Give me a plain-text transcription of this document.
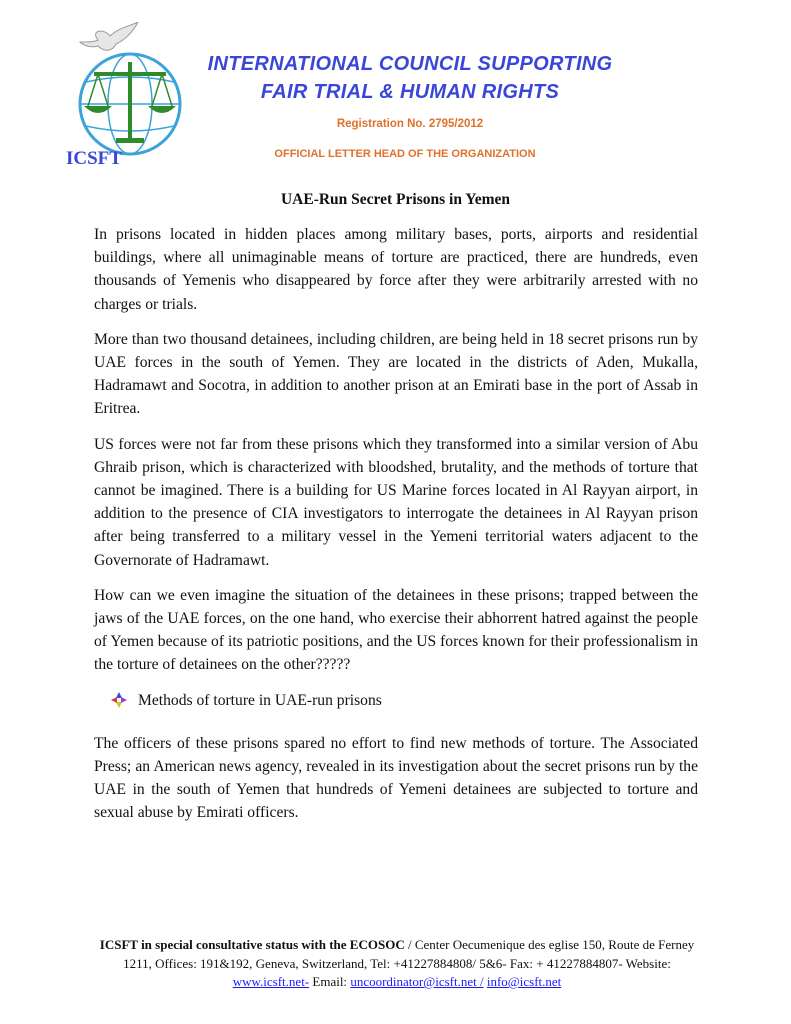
ICSFT
INTERNATIONAL COUNCIL SUPPORTING
FAIR TRIAL & HUMAN RIGHTS
Registration No. 2795/2012
OFFICIAL LETTER HEAD OF THE ORGANIZATION
UAE-Run Secret Prisons in Yemen

In prisons located in hidden places among military bases, ports, airports and residential buildings, where all unimaginable means of torture are practiced, there are hundreds, even thousands of Yemenis who disappeared by force after they were arbitrarily arrested with no charges or trials.

More than two thousand detainees, including children, are being held in 18 secret prisons run by UAE forces in the south of Yemen. They are located in the districts of Aden, Mukalla, Hadramawt and Socotra, in addition to another prison at an Emirati base in the port of Assab in Eritrea.

US forces were not far from these prisons which they transformed into a similar version of Abu Ghraib prison, which is characterized with bloodshed, brutality, and the methods of torture that cannot be imagined. There is a building for US Marine forces located in Al Rayyan airport, in addition to the presence of CIA investigators to interrogate the detainees in Al Rayyan prison after being transferred to a military vessel in the Yemeni territorial waters adjacent to the Governorate of Hadramawt.

How can we even imagine the situation of the detainees in these prisons; trapped between the jaws of the UAE forces, on the one hand, who exercise their abhorrent hatred against the people of Yemen because of its patriotic positions, and the US forces known for their professionalism in the torture of detainees on the other?????

Methods of torture in UAE-run prisons

The officers of these prisons spared no effort to find new methods of torture. The Associated Press; an American news agency, revealed in its investigation about the secret prisons run by the UAE in the south of Yemen that hundreds of Yemeni detainees are subjected to torture and sexual abuse by Emirati officers.

ICSFT in special consultative status with the ECOSOC / Center Oecumenique des eglise 150, Route de Ferney 1211, Offices: 191&192, Geneva, Switzerland, Tel: +41227884808/ 5&6- Fax: + 41227884807- Website: www.icsft.net- Email: uncoordinator@icsft.net / info@icsft.net
